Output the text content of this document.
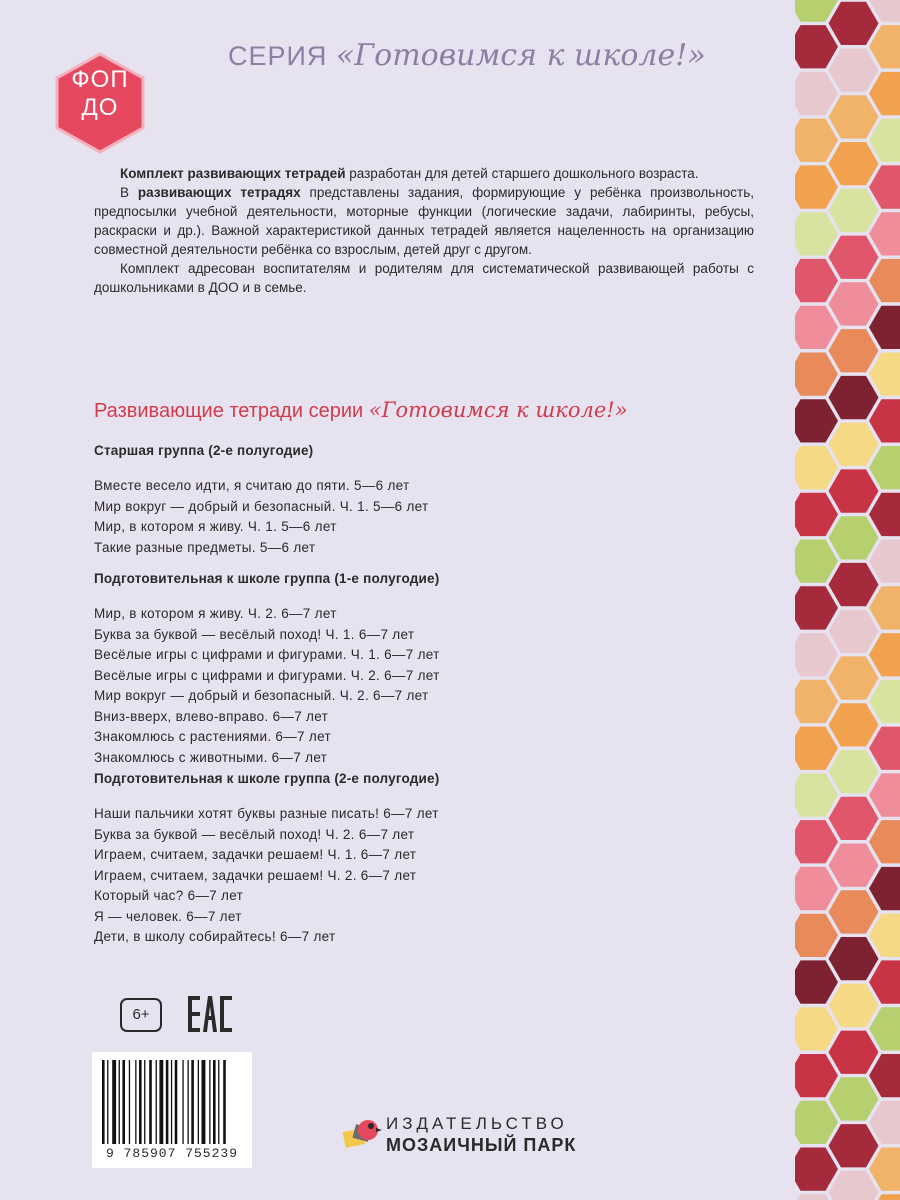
ФОП
ДО
СЕРИЯ «Готовимся к школе!»

Комплект развивающих тетрадей разработан для детей старшего дошкольного возраста.

В развивающих тетрадях представлены задания, формирующие у ребёнка произвольность, предпосылки учебной деятельности, моторные функции (логические задачи, лабиринты, ребусы, раскраски и др.). Важной характеристикой данных тетрадей является нацеленность на организацию совместной деятельности ребёнка со взрослым, детей друг с другом.

Комплект адресован воспитателям и родителям для систематической развивающей работы с дошкольниками в ДОО и в семье.

Развивающие тетради серии «Готовимся к школе!»
Старшая группа (2-е полугодие)
Вместе весело идти, я считаю до пяти. 5—6 лет
Мир вокруг — добрый и безопасный. Ч. 1. 5—6 лет
Мир, в котором я живу. Ч. 1. 5—6 лет
Такие разные предметы. 5—6 лет
Подготовительная к школе группа (1-е полугодие)
Мир, в котором я живу. Ч. 2. 6—7 лет
Буква за буквой — весёлый поход! Ч. 1. 6—7 лет
Весёлые игры с цифрами и фигурами. Ч. 1. 6—7 лет
Весёлые игры с цифрами и фигурами. Ч. 2. 6—7 лет
Мир вокруг — добрый и безопасный. Ч. 2. 6—7 лет
Вниз-вверх, влево-вправо. 6—7 лет
Знакомлюсь с растениями. 6—7 лет
Знакомлюсь с животными. 6—7 лет
Подготовительная к школе группа (2-е полугодие)
Наши пальчики хотят буквы разные писать! 6—7 лет
Буква за буквой — весёлый поход! Ч. 2. 6—7 лет
Играем, считаем, задачки решаем! Ч. 1. 6—7 лет
Играем, считаем, задачки решаем! Ч. 2. 6—7 лет
Который час? 6—7 лет
Я — человек. 6—7 лет
Дети, в школу собирайтесь! 6—7 лет
6+
9 785907 755239
ИЗДАТЕЛЬСТВО
МОЗАИЧНЫЙ ПАРК
